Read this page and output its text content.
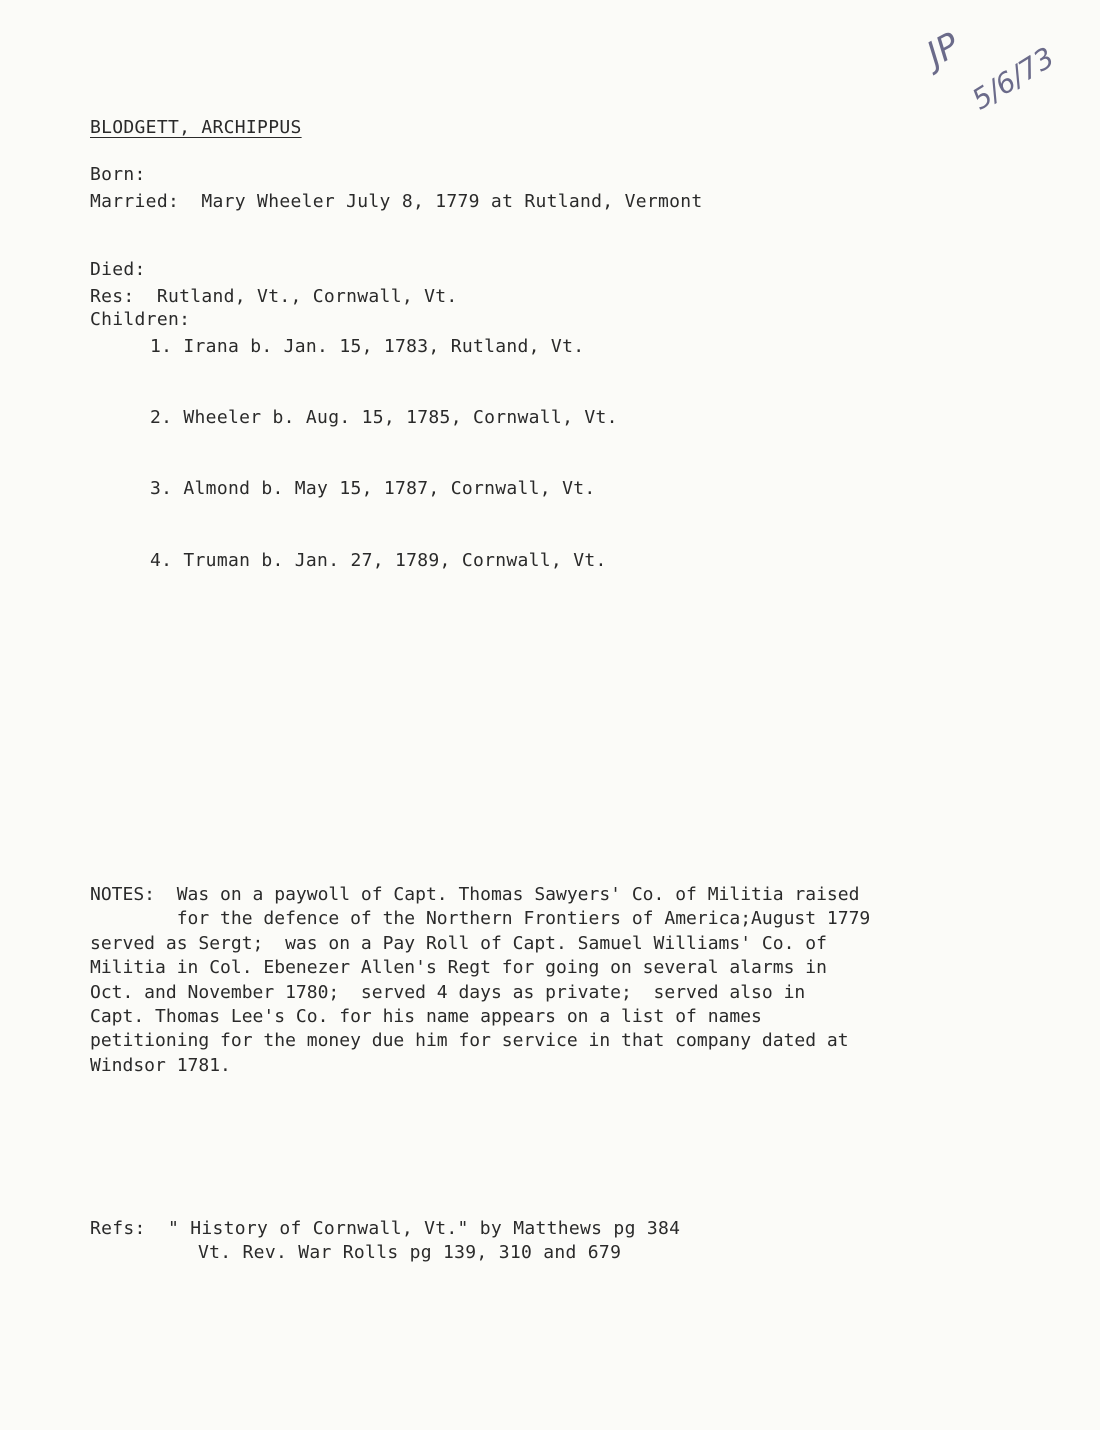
JP 5/6/73
BLODGETT, ARCHIPPUS
Born:
Married:  Mary Wheeler July 8, 1779 at Rutland, Vermont
Died:
Res:  Rutland, Vt., Cornwall, Vt.
Children:
1. Irana b. Jan. 15, 1783, Rutland, Vt.
2. Wheeler b. Aug. 15, 1785, Cornwall, Vt.
3. Almond b. May 15, 1787, Cornwall, Vt.
4. Truman b. Jan. 27, 1789, Cornwall, Vt.
NOTES:  Was on a paywoll of Capt. Thomas Sawyers' Co. of Militia raised
for the defence of the Northern Frontiers of America;August 1779
served as Sergt;  was on a Pay Roll of Capt. Samuel Williams' Co. of
Militia in Col. Ebenezer Allen's Regt for going on several alarms in
Oct. and November 1780;  served 4 days as private;  served also in
Capt. Thomas Lee's Co. for his name appears on a list of names
petitioning for the money due him for service in that company dated at
Windsor 1781.
Refs:  " History of Cornwall, Vt." by Matthews pg 384
Vt. Rev. War Rolls pg 139, 310 and 679
